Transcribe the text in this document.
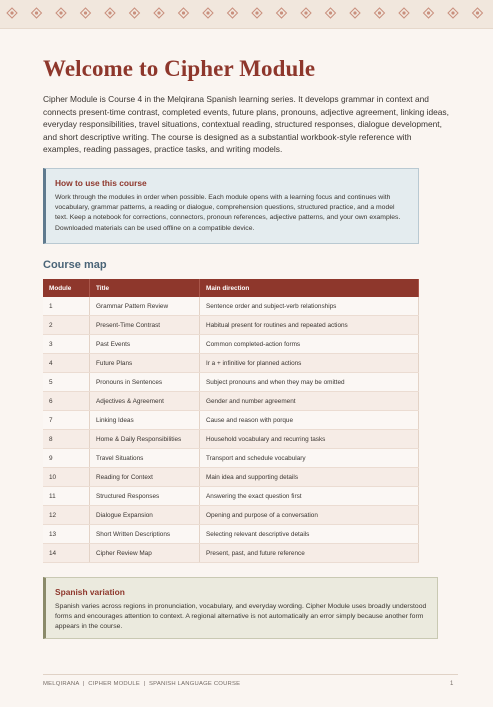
Welcome to Cipher Module

Cipher Module is Course 4 in the Melqirana Spanish learning series. It develops grammar in context and connects present-time contrast, completed events, future plans, pronouns, adjective agreement, linking ideas, everyday responsibilities, travel situations, contextual reading, structured responses, dialogue development, and short descriptive writing. The course is designed as a substantial workbook-style reference with examples, reading passages, practice tasks, and writing models.

How to use this course
Work through the modules in order when possible. Each module opens with a learning focus and continues with vocabulary, grammar patterns, a reading or dialogue, comprehension questions, structured practice, and a model text. Keep a notebook for corrections, connectors, pronoun references, adjective patterns, and your own examples. Downloaded materials can be used offline on a compatible device.
Course map
Module	Title	Main direction
1	Grammar Pattern Review	Sentence order and subject-verb relationships
2	Present-Time Contrast	Habitual present for routines and repeated actions
3	Past Events	Common completed-action forms
4	Future Plans	Ir a + infinitive for planned actions
5	Pronouns in Sentences	Subject pronouns and when they may be omitted
6	Adjectives & Agreement	Gender and number agreement
7	Linking Ideas	Cause and reason with porque
8	Home & Daily Responsibilities	Household vocabulary and recurring tasks
9	Travel Situations	Transport and schedule vocabulary
10	Reading for Context	Main idea and supporting details
11	Structured Responses	Answering the exact question first
12	Dialogue Expansion	Opening and purpose of a conversation
13	Short Written Descriptions	Selecting relevant descriptive details
14	Cipher Review Map	Present, past, and future reference
Spanish variation
Spanish varies across regions in pronunciation, vocabulary, and everyday wording. Cipher Module uses broadly understood forms and encourages attention to context. A regional alternative is not automatically an error simply because another form appears in the course.
MELQIRANA  |  CIPHER MODULE  |  SPANISH LANGUAGE COURSE	1
